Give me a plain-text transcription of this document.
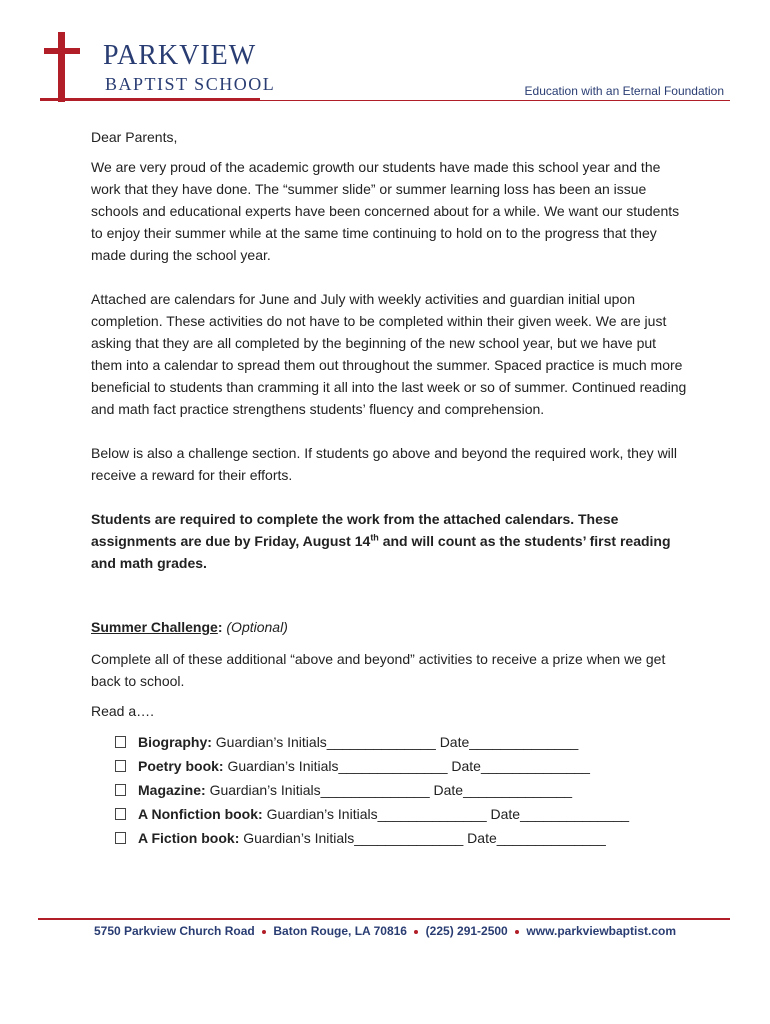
PARKVIEW
BAPTIST SCHOOL	Education with an Eternal Foundation

Dear Parents,

We are very proud of the academic growth our students have made this school year and the work that they have done. The “summer slide” or summer learning loss has been an issue schools and educational experts have been concerned about for a while. We want our students to enjoy their summer while at the same time continuing to hold on to the progress that they made during the school year.

Attached are calendars for June and July with weekly activities and guardian initial upon completion. These activities do not have to be completed within their given week. We are just asking that they are all completed by the beginning of the new school year, but we have put them into a calendar to spread them out throughout the summer. Spaced practice is much more beneficial to students than cramming it all into the last week or so of summer. Continued reading and math fact practice strengthens students’ fluency and comprehension.

Below is also a challenge section. If students go above and beyond the required work, they will receive a reward for their efforts.

Students are required to complete the work from the attached calendars. These assignments are due by Friday, August 14th and will count as the students’ first reading and math grades.

Summer Challenge: (Optional)

Complete all of these additional “above and beyond” activities to receive a prize when we get back to school.

Read a….

Biography: Guardian’s Initials______________ Date______________
Poetry book: Guardian’s Initials______________ Date______________
Magazine: Guardian’s Initials______________ Date______________
A Nonfiction book: Guardian’s Initials______________ Date______________
A Fiction book: Guardian’s Initials______________ Date______________
5750 Parkview Church Road Baton Rouge, LA 70816 (225) 291-2500 www.parkviewbaptist.com
